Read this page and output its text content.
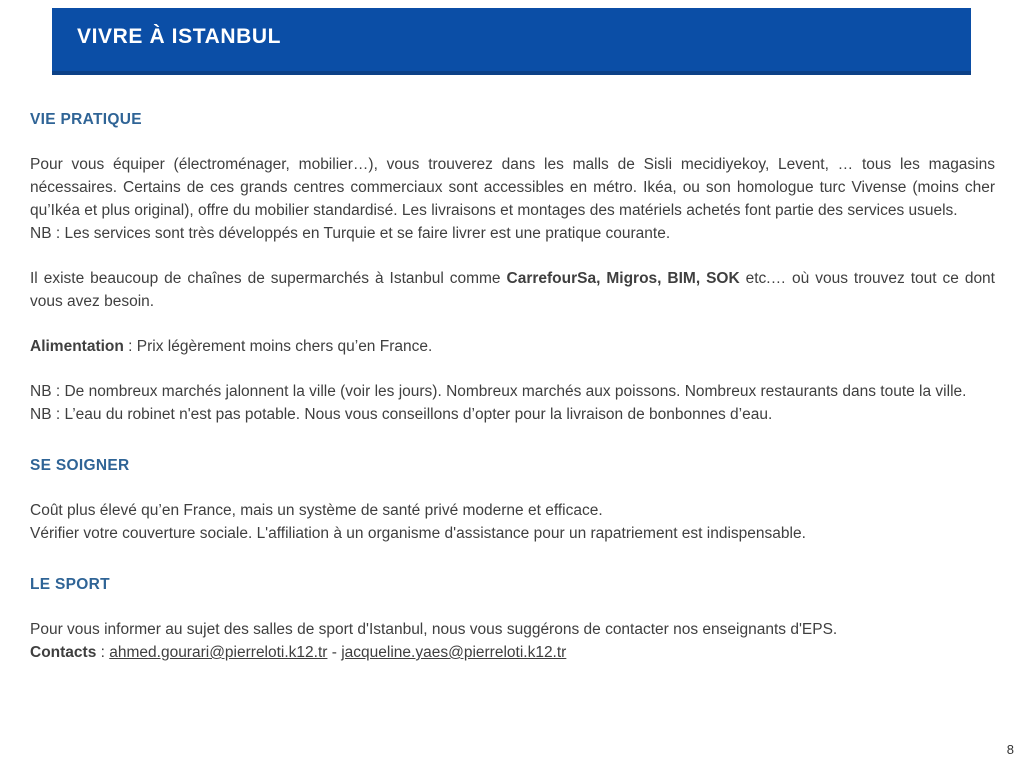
VIVRE À ISTANBUL
VIE PRATIQUE
Pour vous équiper (électroménager, mobilier…), vous trouverez dans les malls de Sisli mecidiyekoy, Levent, … tous les magasins nécessaires. Certains de ces grands centres commerciaux sont accessibles en métro. Ikéa, ou son homologue turc Vivense (moins cher qu’Ikéa et plus original), offre du mobilier standardisé. Les livraisons et montages des matériels achetés font partie des services usuels.
NB : Les services sont très développés en Turquie et se faire livrer est une pratique courante.
Il existe beaucoup de chaînes de supermarchés à Istanbul comme CarrefourSa, Migros, BIM, SOK etc.… où vous trouvez tout ce dont vous avez besoin.
Alimentation : Prix légèrement moins chers qu’en France.
NB : De nombreux marchés jalonnent la ville (voir les jours). Nombreux marchés aux poissons. Nombreux restaurants dans toute la ville.
NB : L’eau du robinet n'est pas potable. Nous vous conseillons d’opter pour la livraison de bonbonnes d’eau.
SE SOIGNER
Coût plus élevé qu’en France, mais un système de santé privé moderne et efficace.
Vérifier votre couverture sociale. L'affiliation à un organisme d'assistance pour un rapatriement est indispensable.
LE SPORT
Pour vous informer au sujet des salles de sport d'Istanbul, nous vous suggérons de contacter nos enseignants d'EPS.
Contacts : ahmed.gourari@pierreloti.k12.tr - jacqueline.yaes@pierreloti.k12.tr
8
